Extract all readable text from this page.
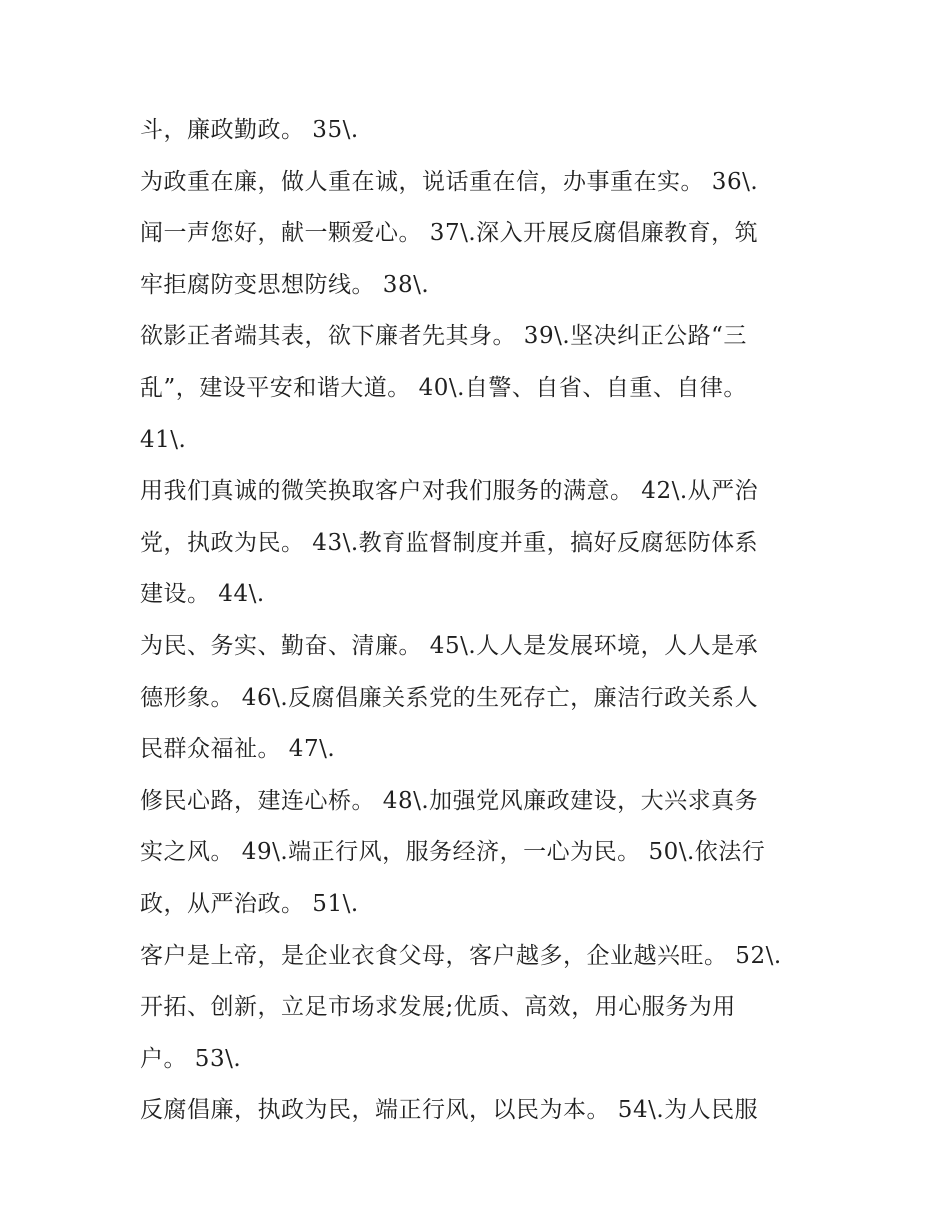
斗，廉政勤政。 35\.
为政重在廉，做人重在诚，说话重在信，办事重在实。 36\.
闻一声您好，献一颗爱心。 37\.深入开展反腐倡廉教育，筑
牢拒腐防变思想防线。 38\.
欲影正者端其表，欲下廉者先其身。 39\.坚决纠正公路“三
乱”，建设平安和谐大道。 40\.自警、自省、自重、自律。
41\.
用我们真诚的微笑换取客户对我们服务的满意。 42\.从严治
党，执政为民。 43\.教育监督制度并重，搞好反腐惩防体系
建设。 44\.
为民、务实、勤奋、清廉。 45\.人人是发展环境，人人是承
德形象。 46\.反腐倡廉关系党的生死存亡，廉洁行政关系人
民群众福祉。 47\.
修民心路，建连心桥。 48\.加强党风廉政建设，大兴求真务
实之风。 49\.端正行风，服务经济，一心为民。 50\.依法行
政，从严治政。 51\.
客户是上帝，是企业衣食父母，客户越多，企业越兴旺。 52\.
开拓、创新，立足市场求发展;优质、高效，用心服务为用
户。 53\.
反腐倡廉，执政为民，端正行风，以民为本。 54\.为人民服
